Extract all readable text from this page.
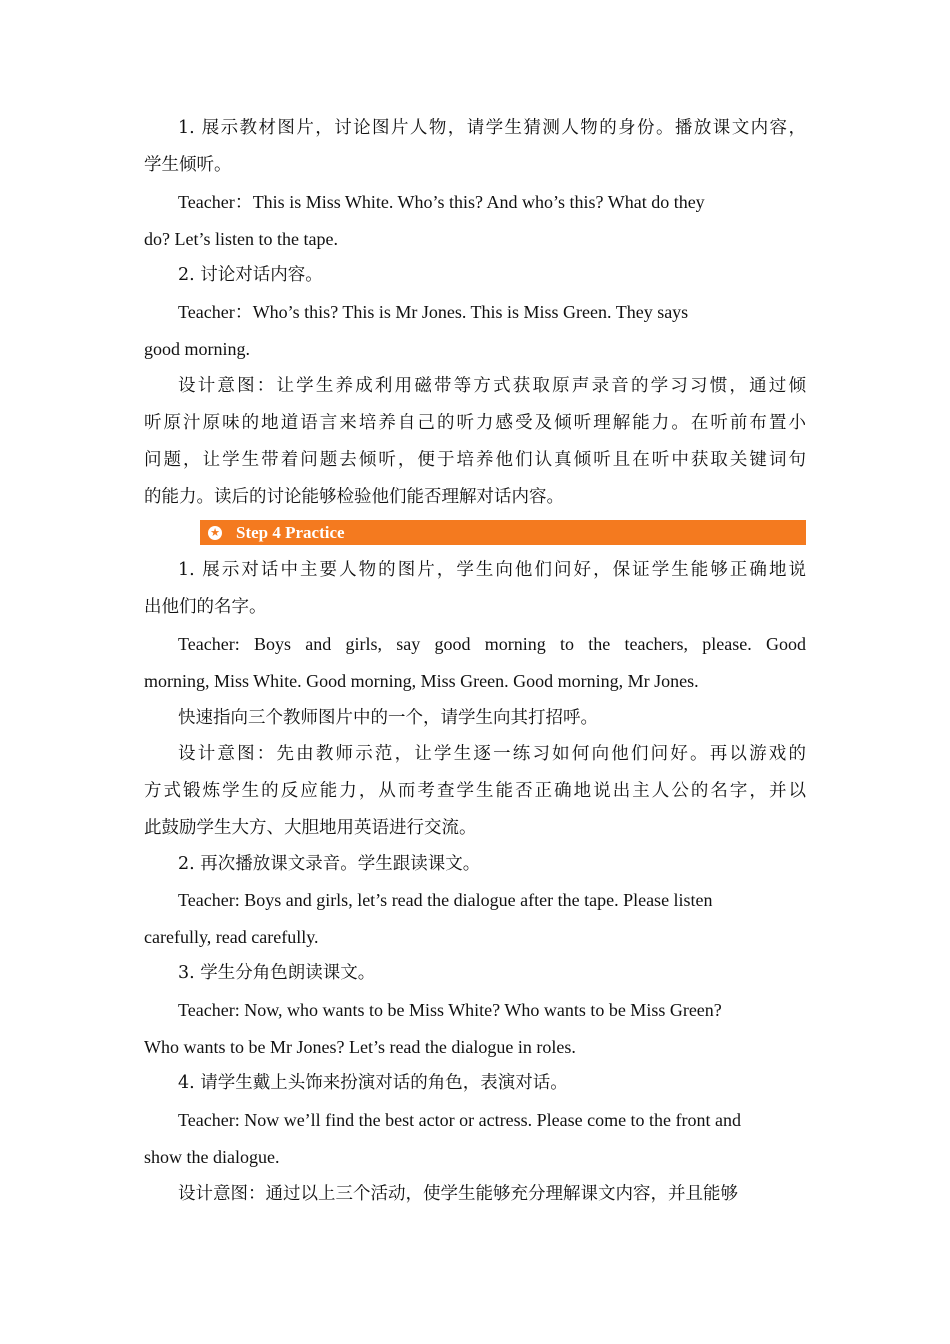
1. 展示教材图片，讨论图片人物，请学生猜测人物的身份。播放课文内容，

学生倾听。

Teacher：This is Miss White. Who’s this? And who’s this? What do they

do? Let’s listen to the tape.

2. 讨论对话内容。

Teacher：Who’s this? This is Mr Jones. This is Miss Green. They says

good morning.

设计意图：让学生养成利用磁带等方式获取原声录音的学习习惯，通过倾

听原汁原味的地道语言来培养自己的听力感受及倾听理解能力。在听前布置小

问题，让学生带着问题去倾听，便于培养他们认真倾听且在听中获取关键词句

的能力。读后的讨论能够检验他们能否理解对话内容。

★ Step 4 Practice

1. 展示对话中主要人物的图片，学生向他们问好，保证学生能够正确地说

出他们的名字。

Teacher: Boys and girls, say good morning to the teachers, please. Good

morning, Miss White. Good morning, Miss Green. Good morning, Mr Jones.

快速指向三个教师图片中的一个，请学生向其打招呼。

设计意图：先由教师示范，让学生逐一练习如何向他们问好。再以游戏的

方式锻炼学生的反应能力，从而考查学生能否正确地说出主人公的名字，并以

此鼓励学生大方、大胆地用英语进行交流。

2. 再次播放课文录音。学生跟读课文。

Teacher: Boys and girls, let’s read the dialogue after the tape. Please listen

carefully, read carefully.

3. 学生分角色朗读课文。

Teacher: Now, who wants to be Miss White? Who wants to be Miss Green?

Who wants to be Mr Jones? Let’s read the dialogue in roles.

4. 请学生戴上头饰来扮演对话的角色，表演对话。

Teacher: Now we’ll find the best actor or actress. Please come to the front and

show the dialogue.

设计意图：通过以上三个活动，使学生能够充分理解课文内容，并且能够
